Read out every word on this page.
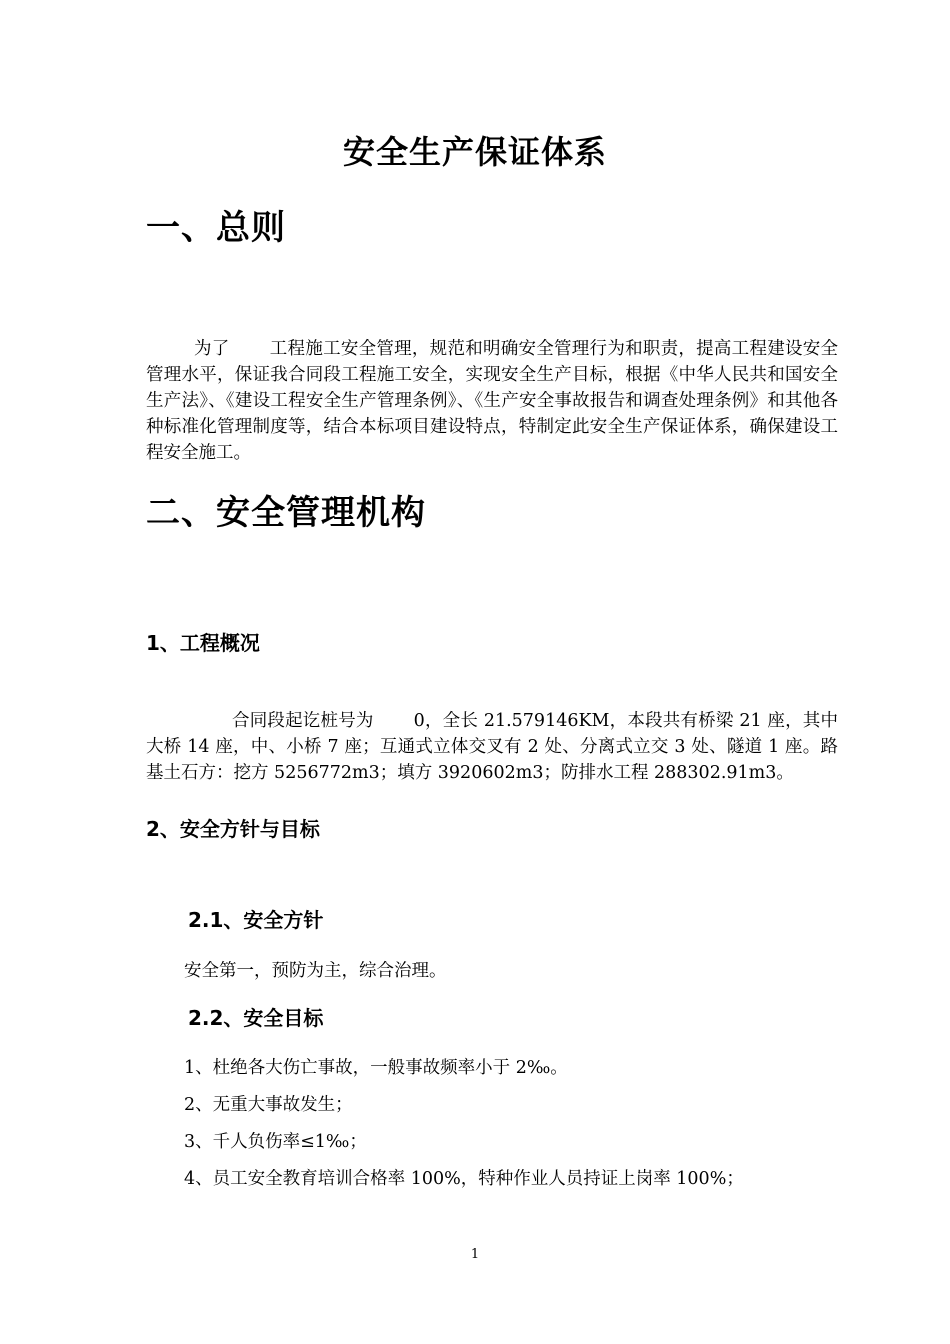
安全生产保证体系
一、总则

为了 工程施工安全管理，规范和明确安全管理行为和职责，提高工程建设安全管理水平，保证我合同段工程施工安全，实现安全生产目标，根据《中华人民共和国安全生产法》、《建设工程安全生产管理条例》、《生产安全事故报告和调查处理条例》和其他各种标准化管理制度等，结合本标项目建设特点，特制定此安全生产保证体系，确保建设工程安全施工。

二、安全管理机构
1、工程概况

合同段起讫桩号为 0，全长 21.579146KM，本段共有桥梁 21 座，其中大桥 14 座，中、小桥 7 座；互通式立体交叉有 2 处、分离式立交 3 处、隧道 1 座。路基土石方：挖方 5256772m3；填方 3920602m3；防排水工程 288302.91m3。

2、安全方针与目标
2.1、安全方针

安全第一，预防为主，综合治理。

2.2、安全目标

1、杜绝各大伤亡事故，一般事故频率小于 2‰。

2、无重大事故发生；

3、千人负伤率≤1‰；

4、员工安全教育培训合格率 100%，特种作业人员持证上岗率 100%；

1
